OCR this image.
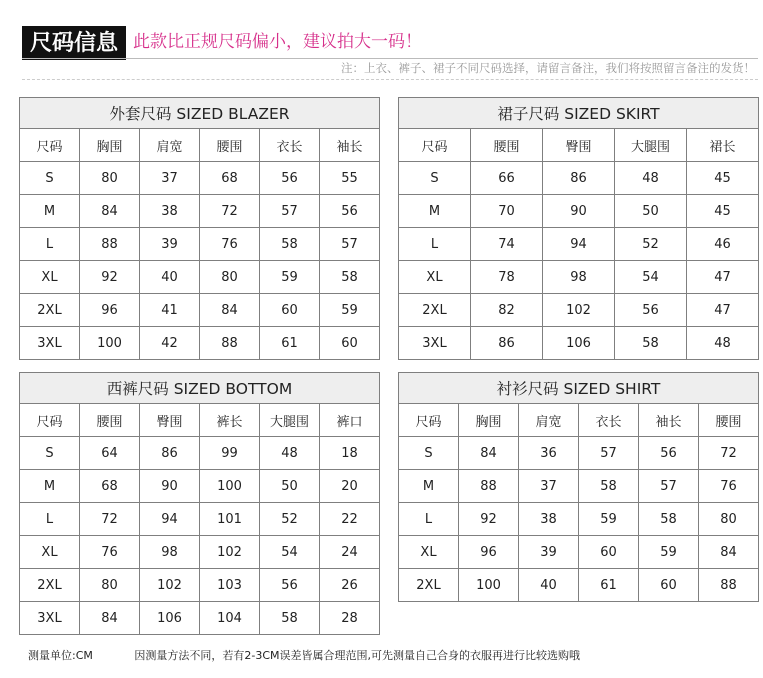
尺码信息 此款比正规尺码偏小，建议拍大一码！
注：上衣、裤子、裙子不同尺码选择，请留言备注，我们将按照留言备注的发货！
外套尺码 SIZED BLAZER					
尺码	胸围	肩宽	腰围	衣长	袖长
S	80	37	68	56	55
M	84	38	72	57	56
L	88	39	76	58	57
XL	92	40	80	59	58
2XL	96	41	84	60	59
3XL	100	42	88	61	60
裙子尺码 SIZED SKIRT				
尺码	腰围	臀围	大腿围	裙长
S	66	86	48	45
M	70	90	50	45
L	74	94	52	46
XL	78	98	54	47
2XL	82	102	56	47
3XL	86	106	58	48
西裤尺码 SIZED BOTTOM					
尺码	腰围	臀围	裤长	大腿围	裤口
S	64	86	99	48	18
M	68	90	100	50	20
L	72	94	101	52	22
XL	76	98	102	54	24
2XL	80	102	103	56	26
3XL	84	106	104	58	28
衬衫尺码 SIZED SHIRT					
尺码	胸围	肩宽	衣长	袖长	腰围
S	84	36	57	56	72
M	88	37	58	57	76
L	92	38	59	58	80
XL	96	39	60	59	84
2XL	100	40	61	60	88
测量单位:CM	因测量方法不同，若有2-3CM误差皆属合理范围,可先测量自己合身的衣服再进行比较选购哦
